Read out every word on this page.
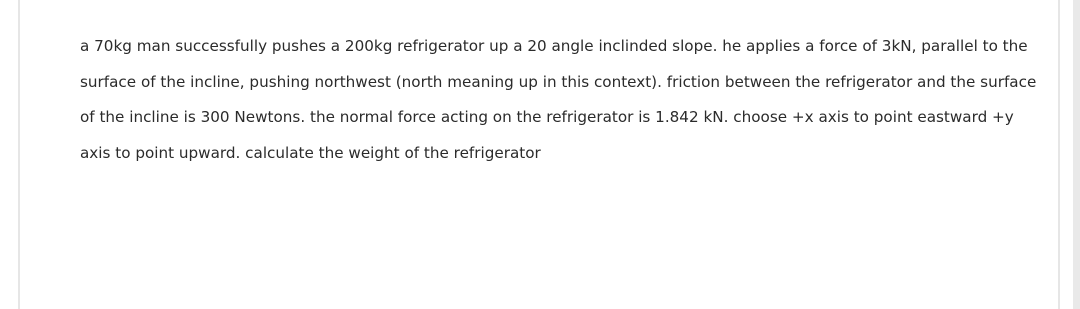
a 70kg man successfully pushes a 200kg refrigerator up a 20 angle inclinded slope. he applies a force of 3kN, parallel to the surface of the incline, pushing northwest (north meaning up in this context). friction between the refrigerator and the surface of the incline is 300 Newtons. the normal force acting on the refrigerator is 1.842 kN. choose +x axis to point eastward +y axis to point upward. calculate the weight of the refrigerator
